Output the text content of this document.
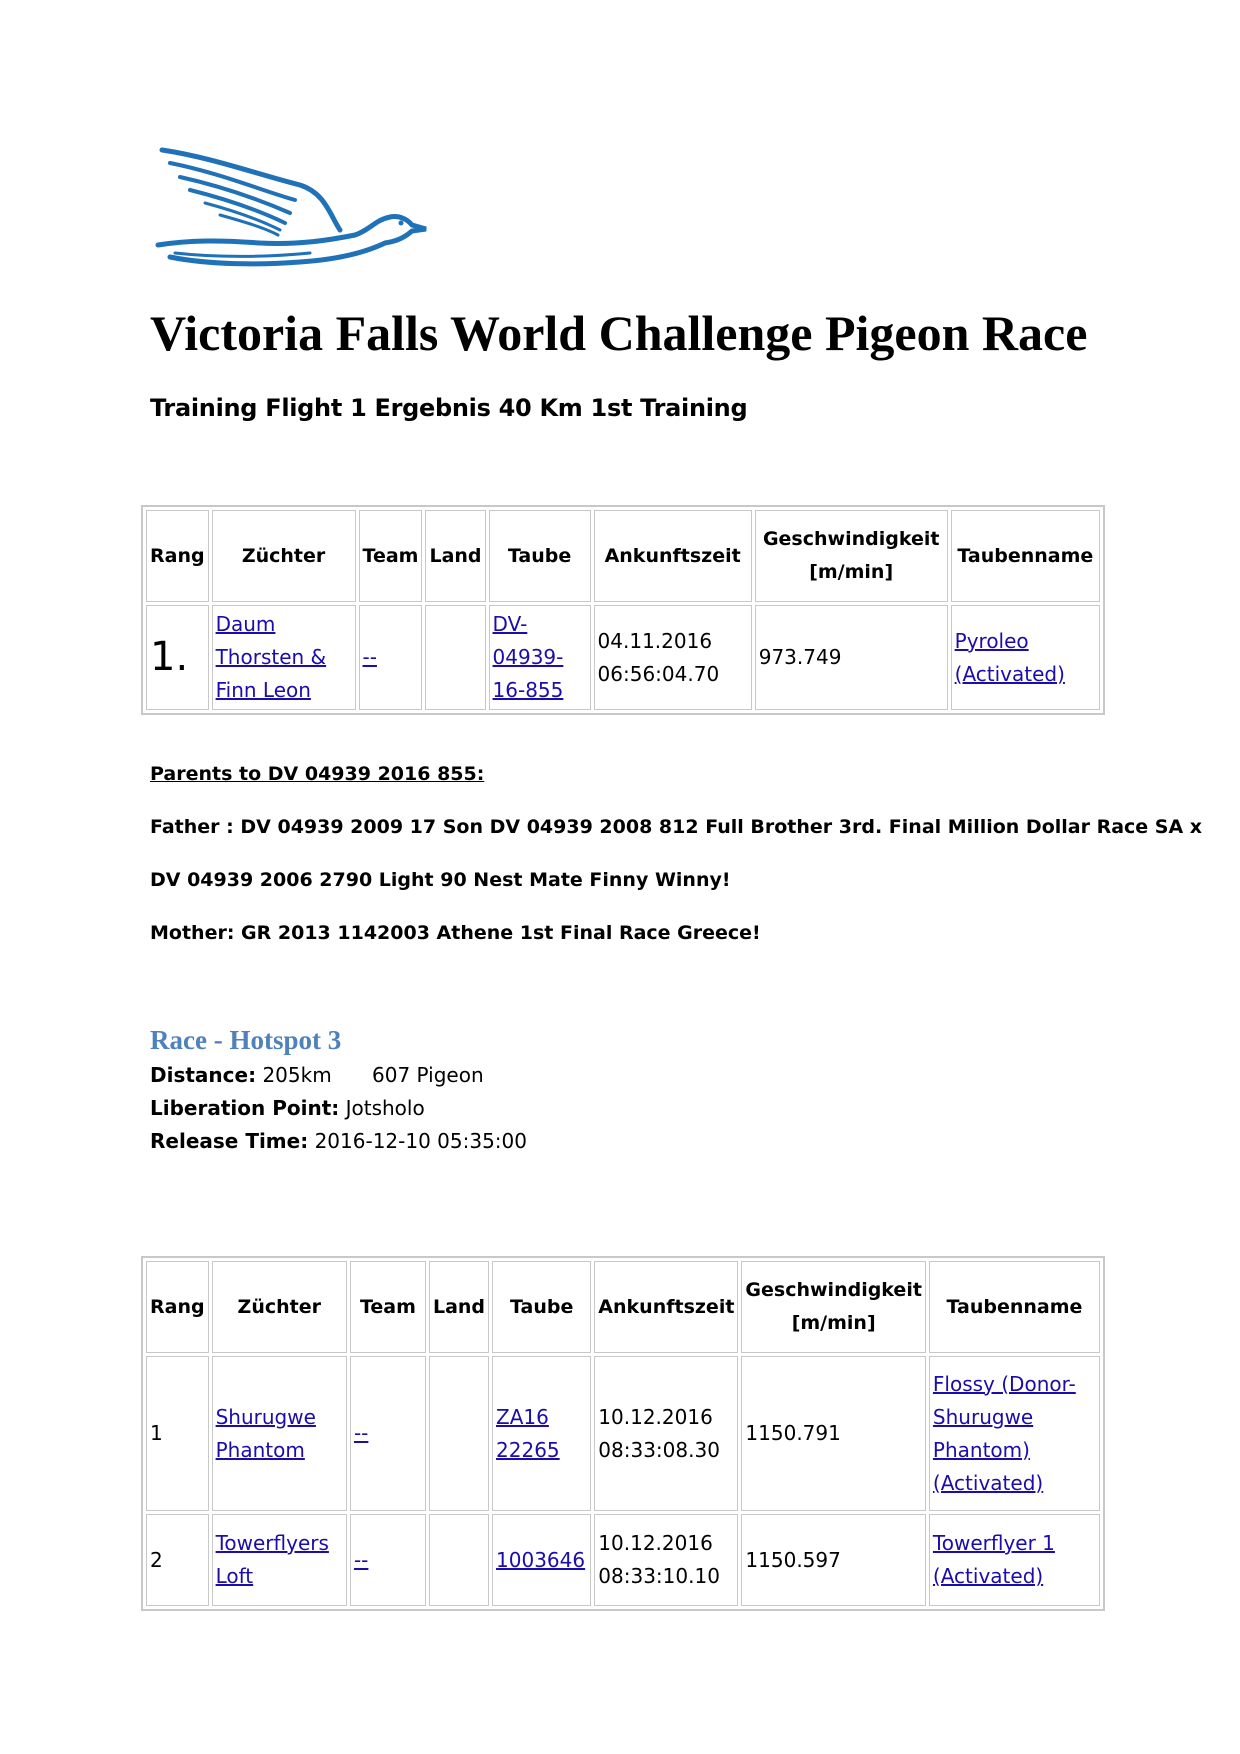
Victoria Falls World Challenge Pigeon Race
Training Flight 1 Ergebnis 40 Km 1st Training
Rang	Züchter	Team	Land	Taube	Ankunftszeit	Geschwindigkeit [m/min]	Taubenname
1.	Daum Thorsten & Finn Leon	--		DV-04939-16-855	04.11.2016 06:56:04.70	973.749	Pyroleo (Activated)

Parents to DV 04939 2016 855:

Father : DV 04939 2009 17 Son DV 04939 2008 812 Full Brother 3rd. Final Million Dollar Race SA x

DV 04939 2006 2790 Light 90 Nest Mate Finny Winny!

Mother: GR 2013 1142003 Athene 1st Final Race Greece!

Race - Hotspot 3

Distance: 205km 607 Pigeon

Liberation Point: Jotsholo

Release Time: 2016-12-10 05:35:00

Rang	Züchter	Team	Land	Taube	Ankunftszeit	Geschwindigkeit [m/min]	Taubenname
1	Shurugwe Phantom	--		ZA16 22265	10.12.2016 08:33:08.30	1150.791	Flossy (Donor-Shurugwe Phantom) (Activated)
2	Towerflyers Loft	--		1003646	10.12.2016 08:33:10.10	1150.597	Towerflyer 1 (Activated)
